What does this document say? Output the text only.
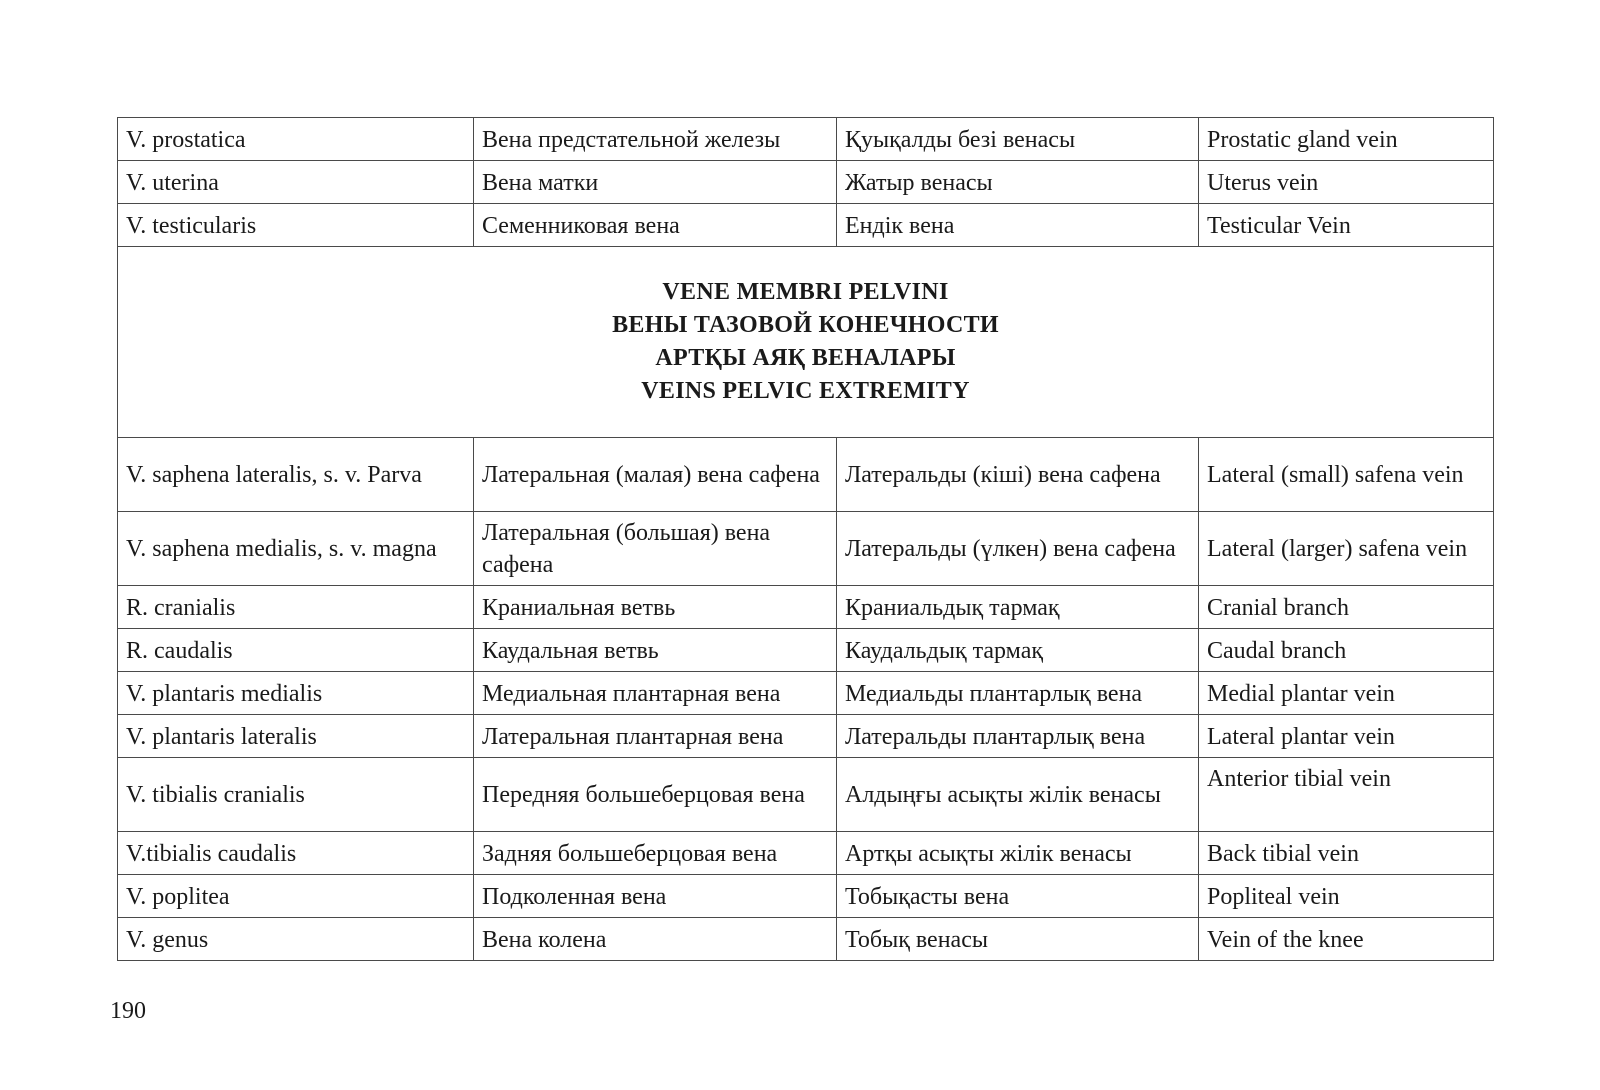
V. prostatica	Вена предстательной железы	Қуықалды безі венасы	Prostatic gland vein
V. uterina	Вена матки	Жатыр венасы	Uterus vein
V. testicularis	Семенниковая вена	Ендік вена	Testicular Vein

VENE MEMBRI PELVINI
ВЕНЫ ТАЗОВОЙ КОНЕЧНОСТИ
АРТҚЫ АЯҚ ВЕНАЛАРЫ
VEINS PELVIC EXTREMITY			

V. saphena lateralis, s. v. Parva	Латеральная (малая) вена сафена	Латеральды (кіші) вена сафена	Lateral (small) safena vein
V. saphena medialis, s. v. magna	Латеральная (большая) вена сафена	Латеральды (үлкен) вена сафена	Lateral (larger) safena vein
R. cranialis	Краниальная ветвь	Краниальдық тармақ	Cranial branch
R. caudalis	Каудальная ветвь	Каудальдық тармақ	Caudal branch
V. plantaris medialis	Медиальная плантарная вена	Медиальды плантарлық вена	Medial plantar vein
V. plantaris lateralis	Латеральная плантарная вена	Латеральды плантарлық вена	Lateral plantar vein
V. tibialis cranialis	Передняя большеберцовая вена	Алдыңғы асықты жілік венасы	Anterior tibial vein
V.tibialis caudalis	Задняя большеберцовая вена	Артқы асықты жілік венасы	Back tibial vein
V. poplitea	Подколенная вена	Тобықасты вена	Popliteal vein
V. genus	Вена колена	Тобық венасы	Vein of the knee
190
